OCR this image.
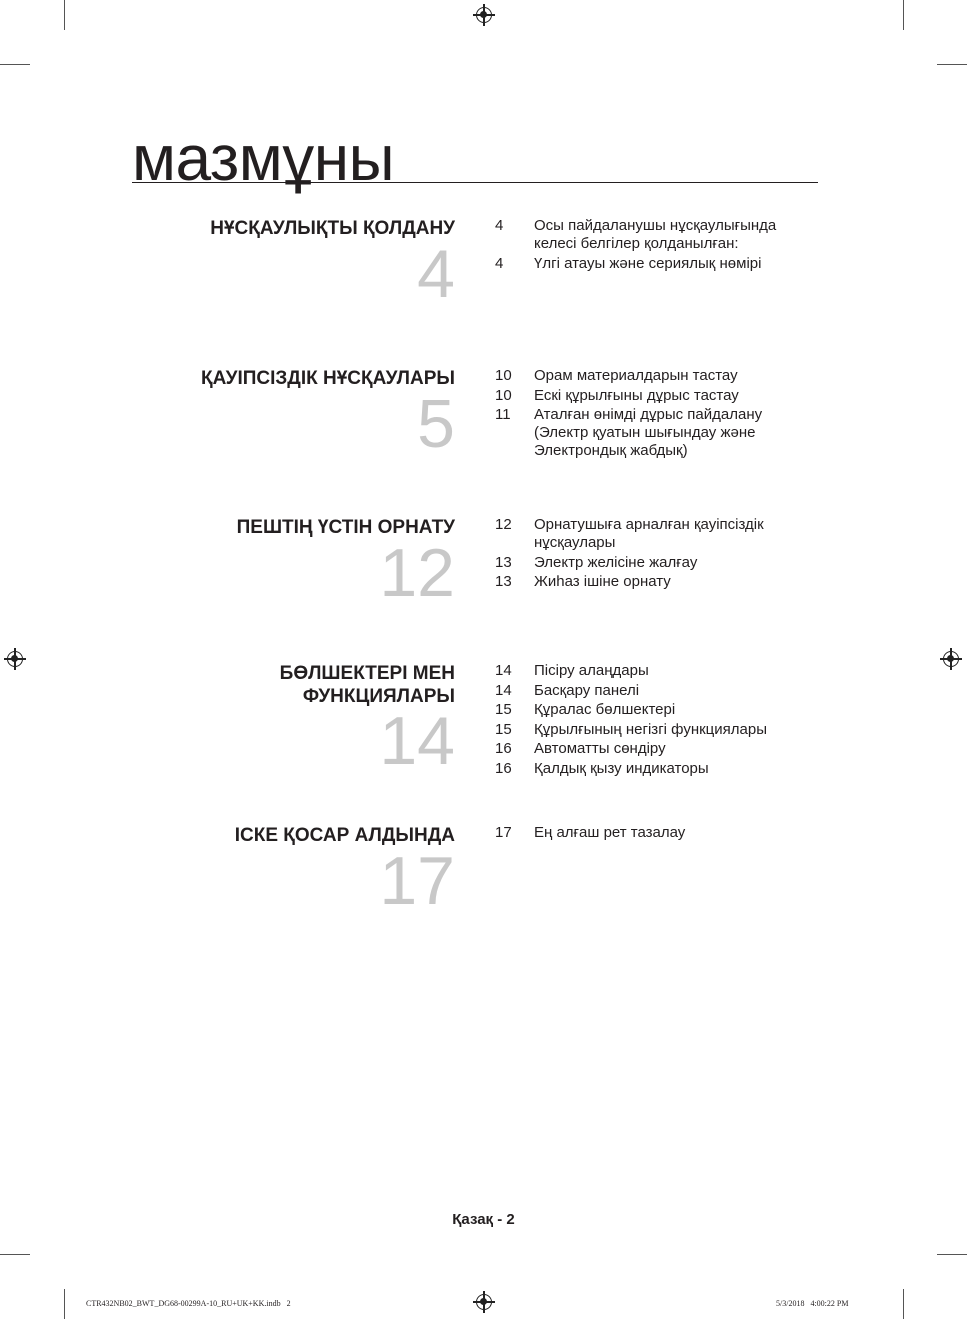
мазмұны
НҰСҚАУЛЫҚТЫ ҚОЛДАНУ
4
4	Осы пайдаланушы нұсқаулығында
келесі белгілер қолданылған:
4	Үлгі атауы және сериялық нөмірі
ҚАУІПСІЗДІК НҰСҚАУЛАРЫ
5
10	Орам материалдарын тастау
10	Ескі құрылғыны дұрыс тастау
11	Аталған өнімді дұрыс пайдалану
(Электр қуатын шығындау және
Электрондық жабдық)
ПЕШТІҢ ҮСТІН ОРНАТУ
12
12	Орнатушыға арналған қауіпсіздік
нұсқаулары
13	Электр желісіне жалғау
13	Жиһаз ішіне орнату
БӨЛШЕКТЕРІ МЕН
ФУНКЦИЯЛАРЫ
14
14	Пісіру алаңдары
14	Басқару панелі
15	Құралас бөлшектері
15	Құрылғының негізгі функциялары
16	Автоматты сөндіру
16	Қалдық қызу индикаторы
ІСКЕ ҚОСАР АЛДЫНДА
17
17	Ең алғаш рет тазалау
Қазақ - 2
CTR432NB02_BWT_DG68-00299A-10_RU+UK+KK.indb   2	5/3/2018   4:00:22 PM
